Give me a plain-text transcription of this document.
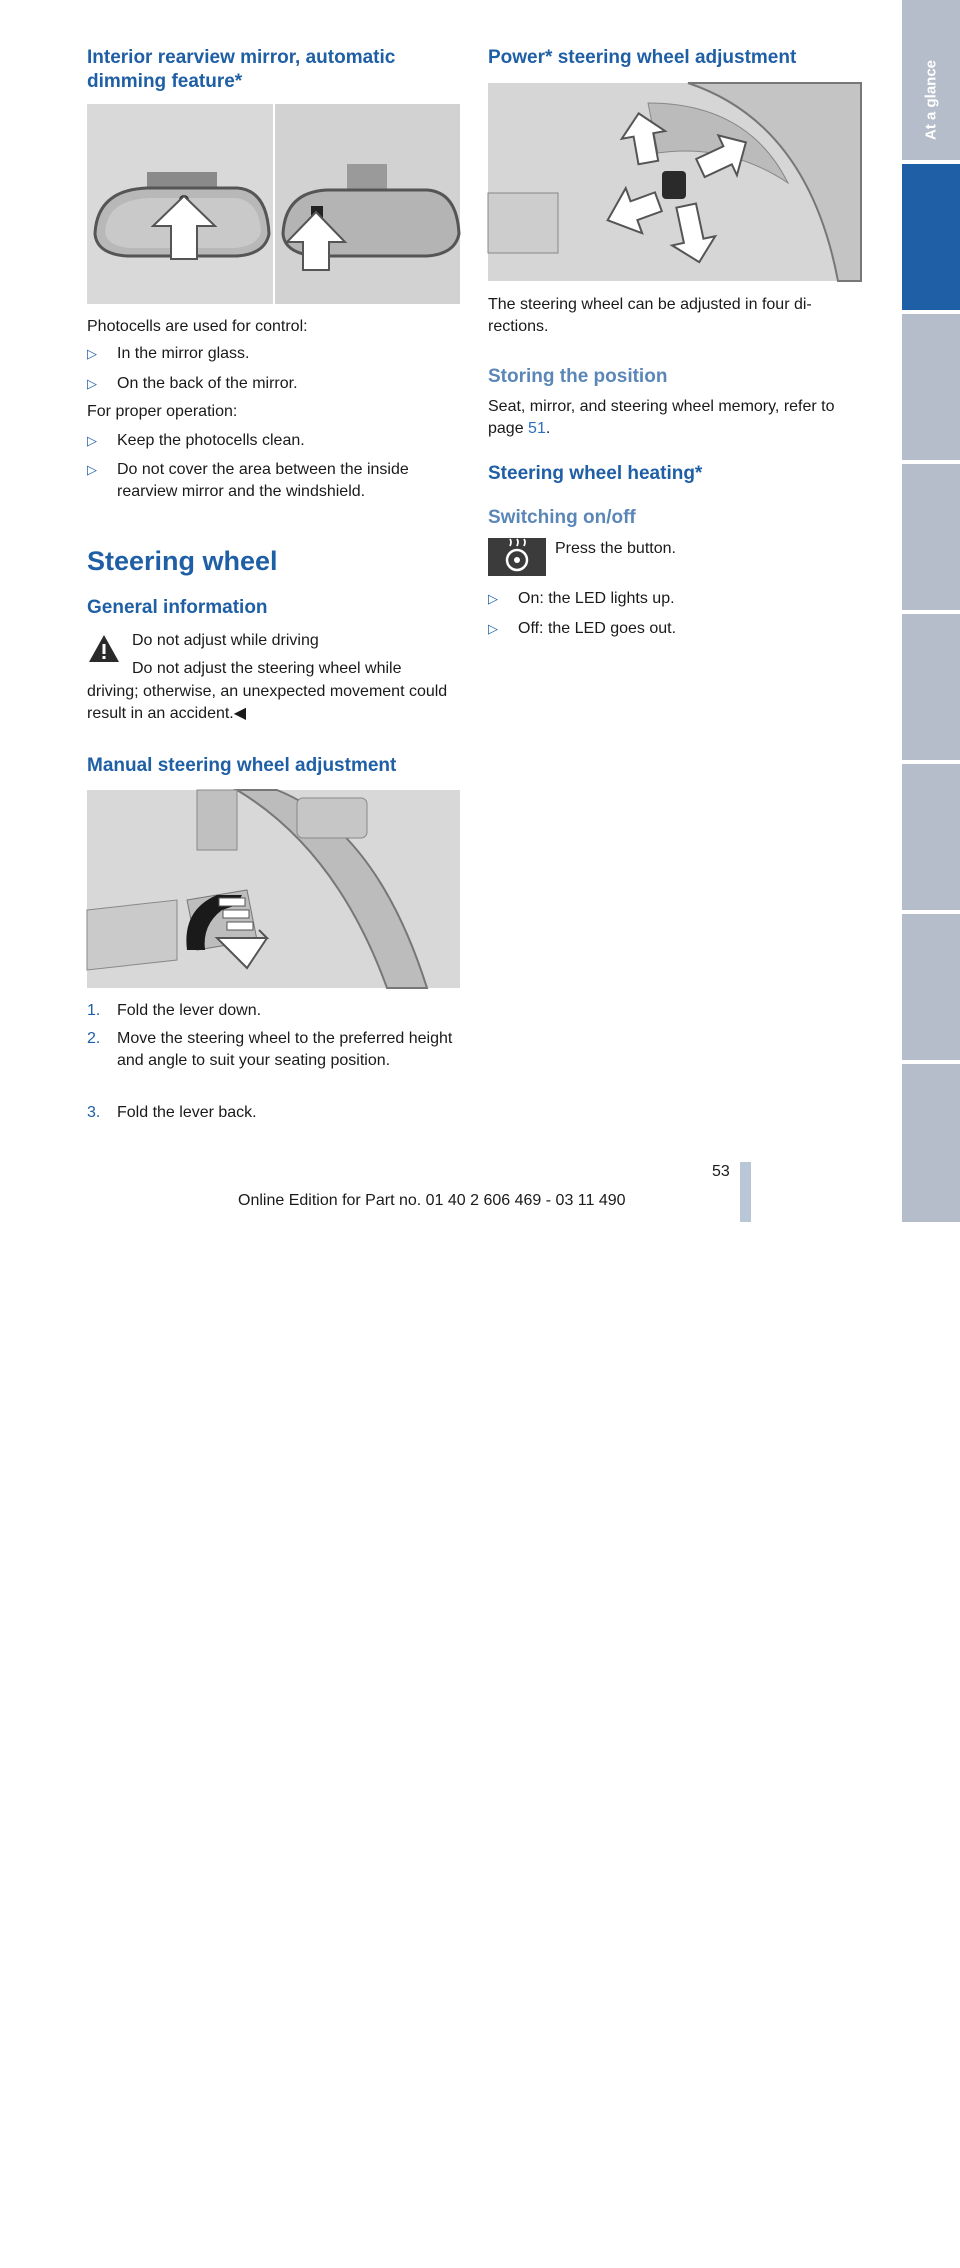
Interior rearview mirror, automatic dimming feature*
Photocells are used for control:
▷ In the mirror glass.
▷ On the back of the mirror.
For proper operation:
▷ Keep the photocells clean.
▷ Do not cover the area between the inside rearview mirror and the windshield.
Steering wheel
General information
Do not adjust while driving
Do not adjust the steering wheel while
driving; otherwise, an unexpected movement could result in an accident.◀
Manual steering wheel adjustment
1. Fold the lever down.
2. Move the steering wheel to the preferred height and angle to suit your seating position.
3. Fold the lever back.
Power* steering wheel adjustment
The steering wheel can be adjusted in four directions.
Storing the position
Seat, mirror, and steering wheel memory, refer to page 51.
Steering wheel heating*
Switching on/off
Press the button.
▷ On: the LED lights up.
▷ Off: the LED goes out.
At a glance
Entertainment
Communication
Mobility
Reference
53
Online Edition for Part no. 01 40 2 606 469 - 03 11 490
